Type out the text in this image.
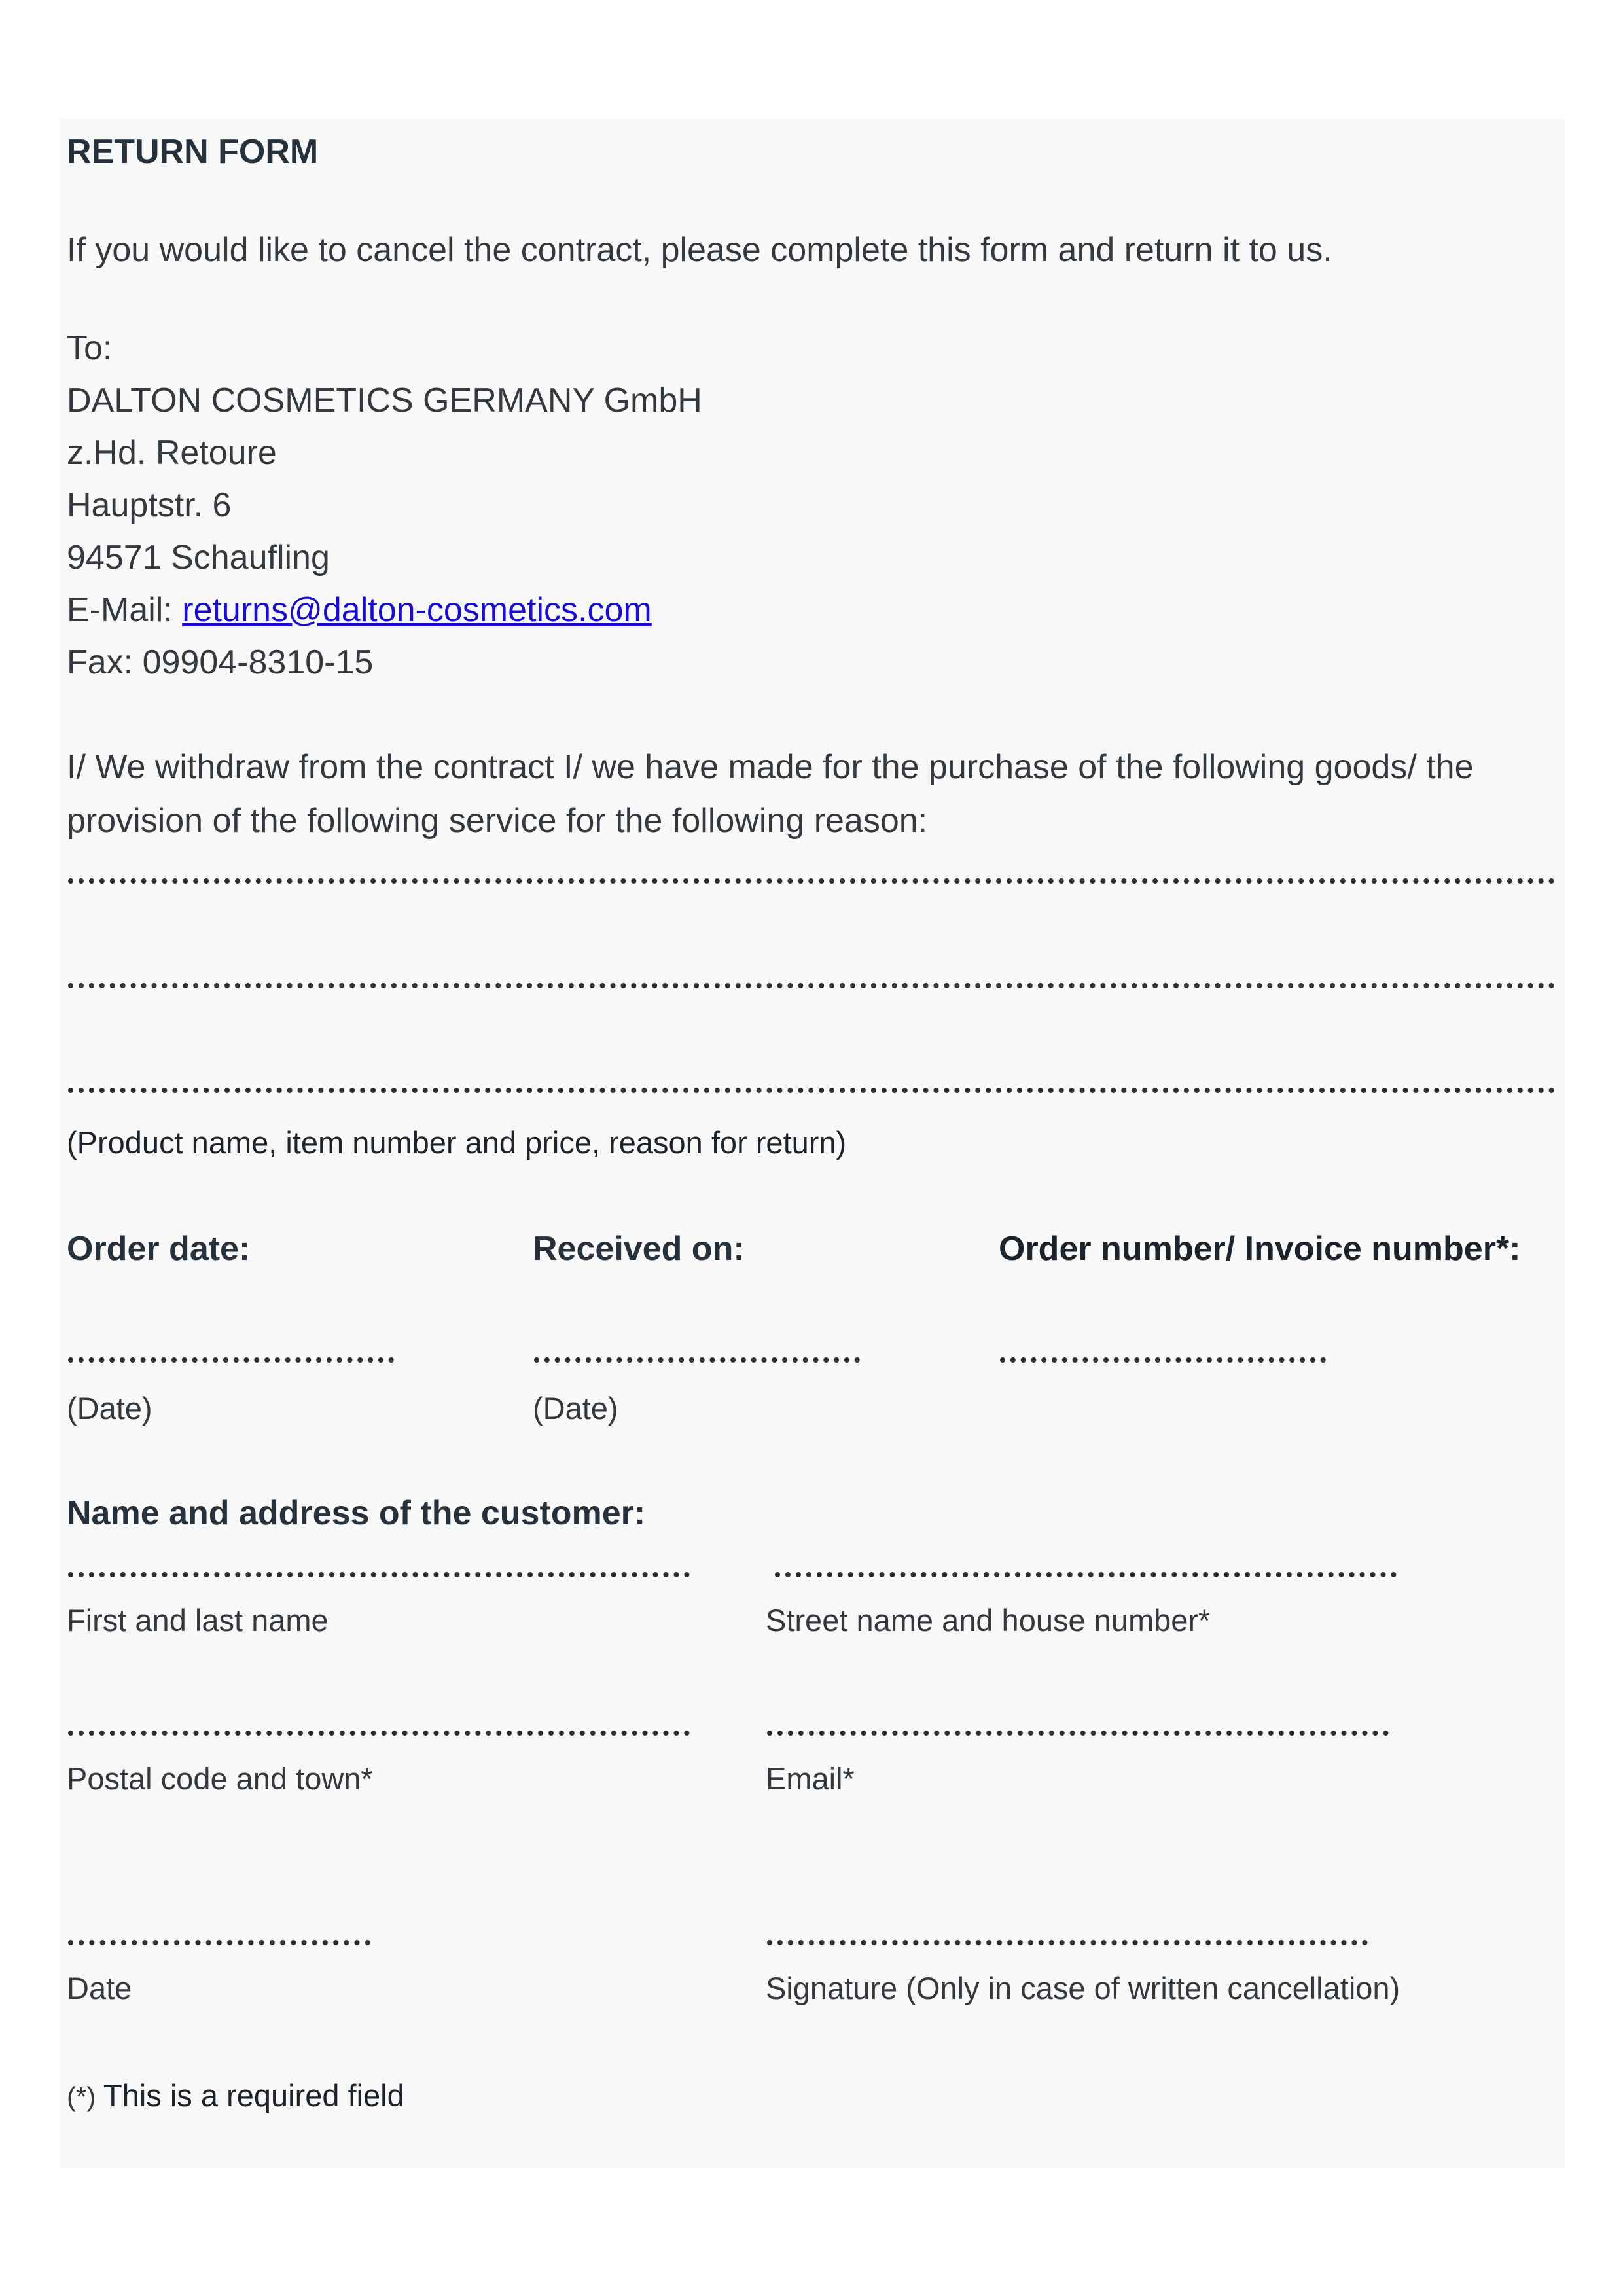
RETURN FORM
If you would like to cancel the contract, please complete this form and return it to us.
To:
DALTON COSMETICS GERMANY GmbH
z.Hd. Retoure
Hauptstr. 6
94571 Schaufling
E-Mail: returns@dalton-cosmetics.com
Fax: 09904-8310-15
I/ We withdraw from the contract I/ we have made for the purchase of the following goods/ the
provision of the following service for the following reason:
(Product name, item number and price, reason for return)
Order date:	Received on:	Order number/ Invoice number*:
(Date)	(Date)
Name and address of the customer:
First and last name	Street name and house number*
Postal code and town*	Email*
Date	Signature (Only in case of written cancellation)
(*) This is a required field
